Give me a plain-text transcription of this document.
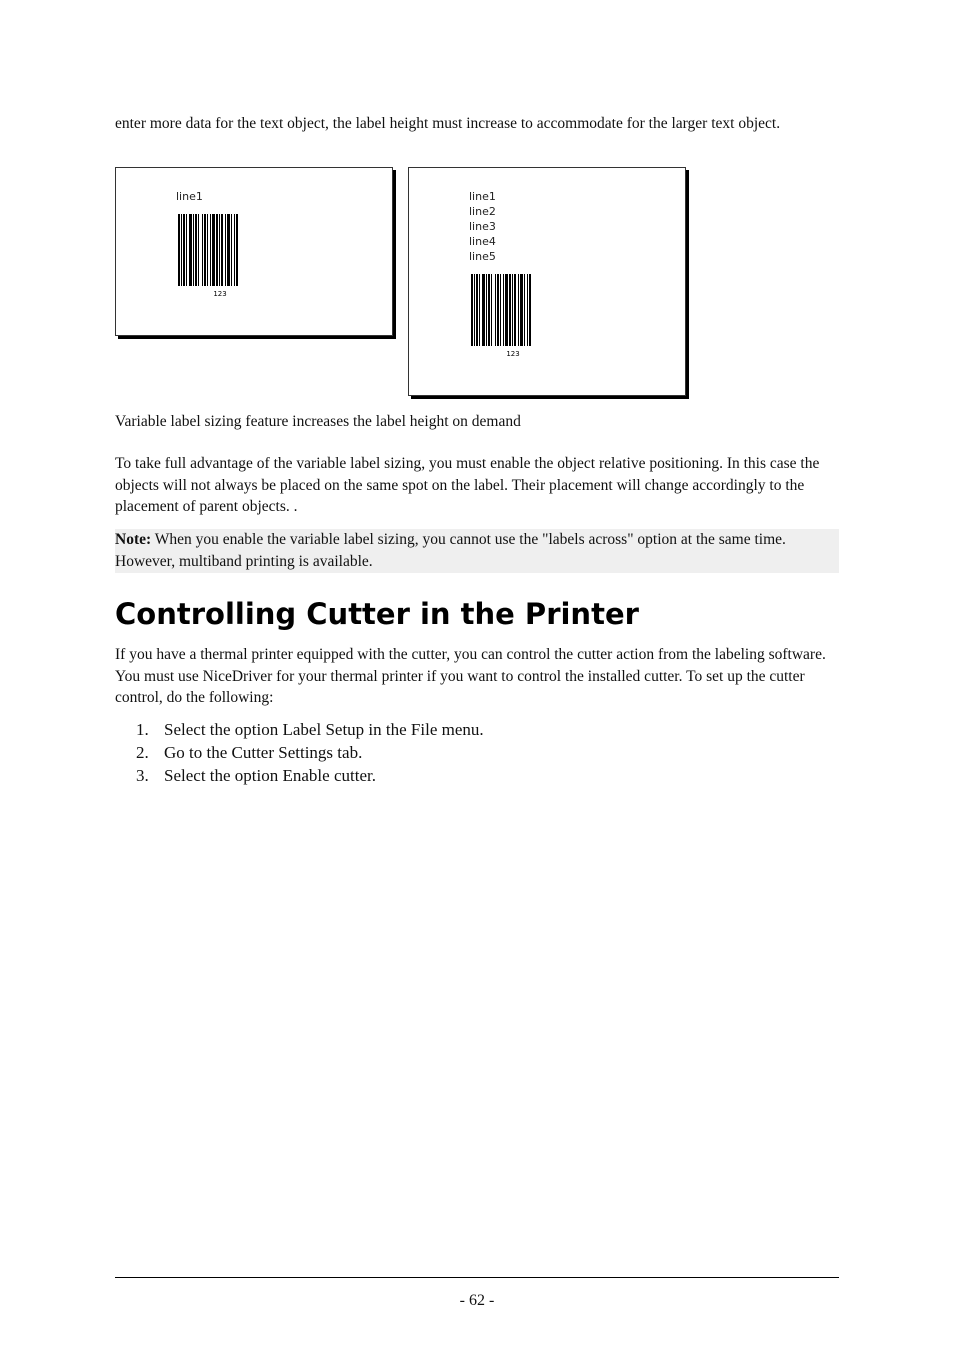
enter more data for the text object, the label height must increase to accommodate for the larger text object.

line1
123
line1
line2
line3
line4
line5
123

Variable label sizing feature increases the label height on demand

To take full advantage of the variable label sizing, you must enable the object relative positioning. In this case the objects will not always be placed on the same spot on the label. Their placement will change accordingly to the placement of parent objects. .

Note: When you enable the variable label sizing, you cannot use the "labels across" option at the same time. However, multiband printing is available.
Controlling Cutter in the Printer

If you have a thermal printer equipped with the cutter, you can control the cutter action from the labeling software. You must use NiceDriver for your thermal printer if you want to control the installed cutter. To set up the cutter control, do the following:

1. Select the option Label Setup in the File menu.
2. Go to the Cutter Settings tab.
3. Select the option Enable cutter.
- 62 -
